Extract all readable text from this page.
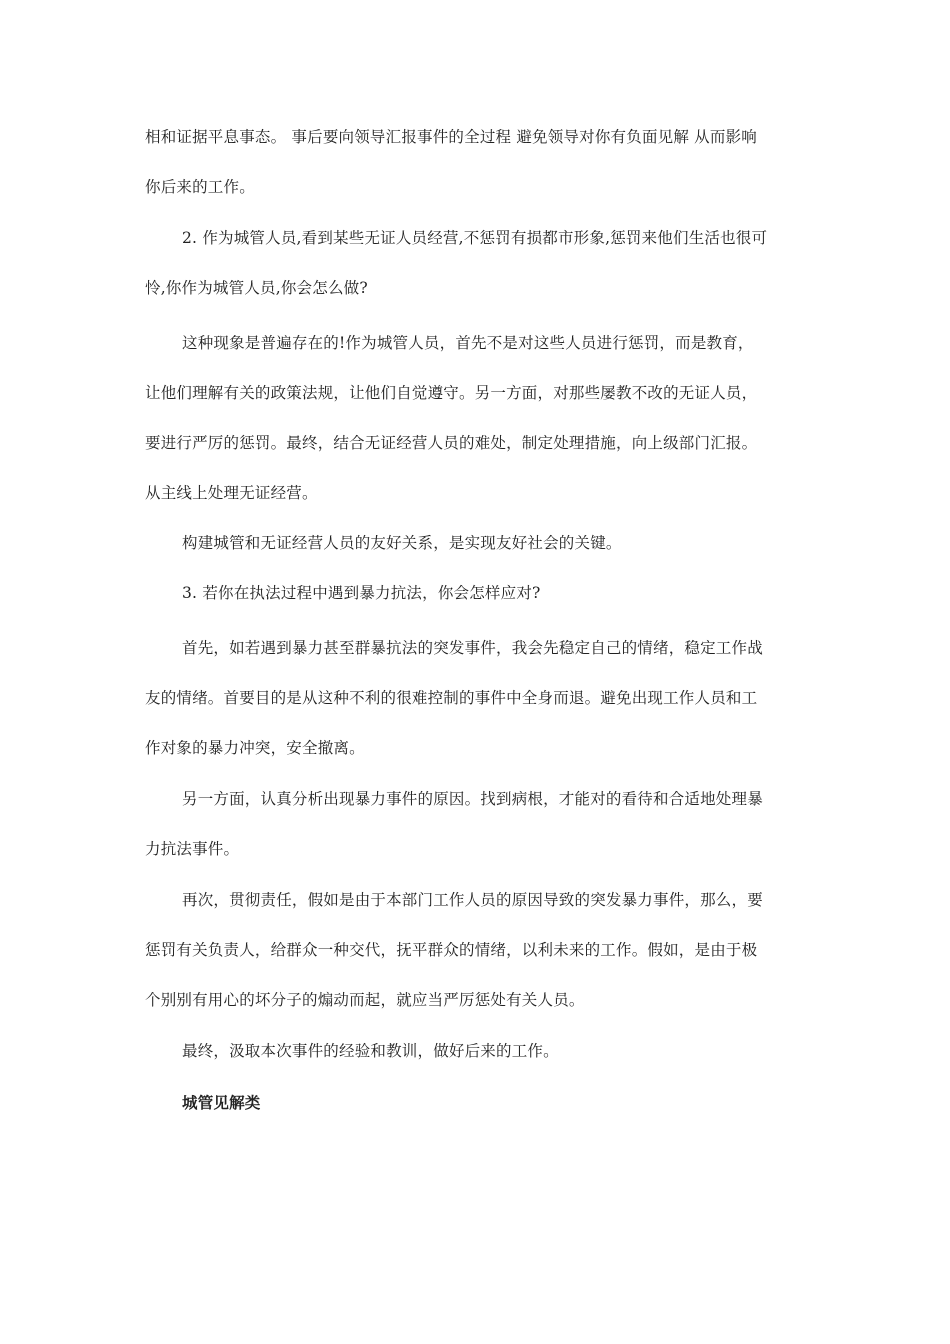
相和证据平息事态。 事后要向领导汇报事件的全过程 避免领导对你有负面见解 从而影响
你后来的工作。
2. 作为城管人员,看到某些无证人员经营,不惩罚有损都市形象,惩罚来他们生活也很可
怜,你作为城管人员,你会怎么做?
这种现象是普遍存在的!作为城管人员，首先不是对这些人员进行惩罚，而是教育，
让他们理解有关的政策法规，让他们自觉遵守。另一方面，对那些屡教不改的无证人员，
要进行严厉的惩罚。最终，结合无证经营人员的难处，制定处理措施，向上级部门汇报。
从主线上处理无证经营。
构建城管和无证经营人员的友好关系，是实现友好社会的关键。
3. 若你在执法过程中遇到暴力抗法，你会怎样应对?
首先，如若遇到暴力甚至群暴抗法的突发事件，我会先稳定自己的情绪，稳定工作战
友的情绪。首要目的是从这种不利的很难控制的事件中全身而退。避免出现工作人员和工
作对象的暴力冲突，安全撤离。
另一方面，认真分析出现暴力事件的原因。找到病根，才能对的看待和合适地处理暴
力抗法事件。
再次，贯彻责任，假如是由于本部门工作人员的原因导致的突发暴力事件，那么，要
惩罚有关负责人，给群众一种交代，抚平群众的情绪，以利未来的工作。假如，是由于极
个别别有用心的坏分子的煽动而起，就应当严厉惩处有关人员。
最终，汲取本次事件的经验和教训，做好后来的工作。
城管见解类
